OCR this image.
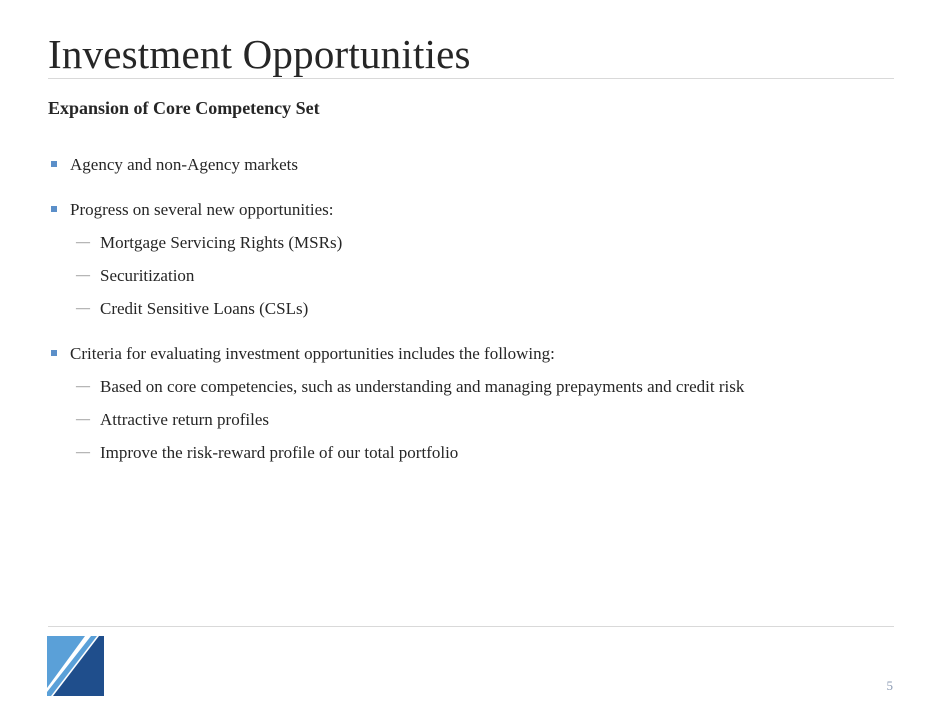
Investment Opportunities
Expansion of Core Competency Set
Agency and non-Agency markets
Progress on several new opportunities:
— Mortgage Servicing Rights (MSRs)
— Securitization
— Credit Sensitive Loans (CSLs)
Criteria for evaluating investment opportunities includes the following:
— Based on core competencies, such as understanding and managing prepayments and credit risk
— Attractive return profiles
— Improve the risk-reward profile of our total portfolio
5
